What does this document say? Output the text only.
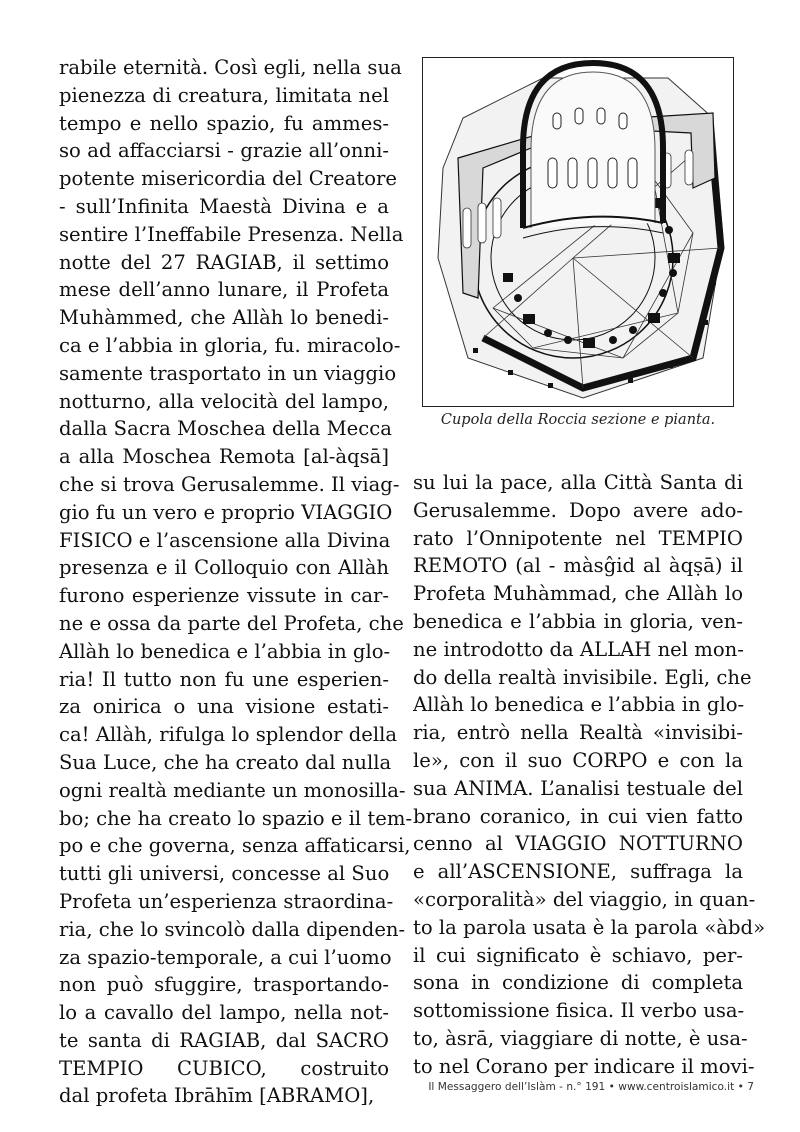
rabile eternità. Così egli, nella sua
pienezza di creatura, limitata nel
tempo e nello spazio, fu ammes-
so ad affacciarsi - grazie all’onni-
potente misericordia del Creatore
- sull’Infinita Maestà Divina e a
sentire l’Ineffabile Presenza. Nella
notte del 27 RAGIAB, il settimo
mese dell’anno lunare, il Profeta
Muhàmmed, che Allàh lo benedi-
ca e l’abbia in gloria, fu. miracolo-
samente trasportato in un viaggio
notturno, alla velocità del lampo,
dalla Sacra Moschea della Mecca
a alla Moschea Remota [al-àqsā]
che si trova Gerusalemme. Il viag-
gio fu un vero e proprio VIAGGIO
FISICO e l’ascensione alla Divina
presenza e il Colloquio con Allàh
furono esperienze vissute in car-
ne e ossa da parte del Profeta, che
Allàh lo benedica e l’abbia in glo-
ria! Il tutto non fu une esperien-
za onirica o una visione estati-
ca! Allàh, rifulga lo splendor della
Sua Luce, che ha creato dal nulla
ogni realtà mediante un monosilla-
bo; che ha creato lo spazio e il tem-
po e che governa, senza affaticarsi,
tutti gli universi, concesse al Suo
Profeta un’esperienza straordina-
ria, che lo svincolò dalla dipenden-
za spazio-temporale, a cui l’uomo
non può sfuggire, trasportando-
lo a cavallo del lampo, nella not-
te santa di RAGIAB, dal SACRO
TEMPIO CUBICO, costruito
dal profeta Ibrāhīm [ABRAMO],
Cupola della Roccia sezione e pianta.
su lui la pace, alla Città Santa di
Gerusalemme. Dopo avere ado-
rato l’Onnipotente nel TEMPIO
REMOTO (al - màsĝid al àqṣā) il
Profeta Muhàmmad, che Allàh lo
benedica e l’abbia in gloria, ven-
ne introdotto da ALLAH nel mon-
do della realtà invisibile. Egli, che
Allàh lo benedica e l’abbia in glo-
ria, entrò nella Realtà «invisibi-
le», con il suo CORPO e con la
sua ANIMA. L’analisi testuale del
brano coranico, in cui vien fatto
cenno al VIAGGIO NOTTURNO
e all’ASCENSIONE, suffraga la
«corporalità» del viaggio, in quan-
to la parola usata è la parola «àbd»
il cui significato è schiavo, per-
sona in condizione di completa
sottomissione fisica. Il verbo usa-
to, àsrā, viaggiare di notte, è usa-
to nel Corano per indicare il movi-
Il Messaggero dell’Islàm - n.° 191 • www.centroislamico.it • 7
